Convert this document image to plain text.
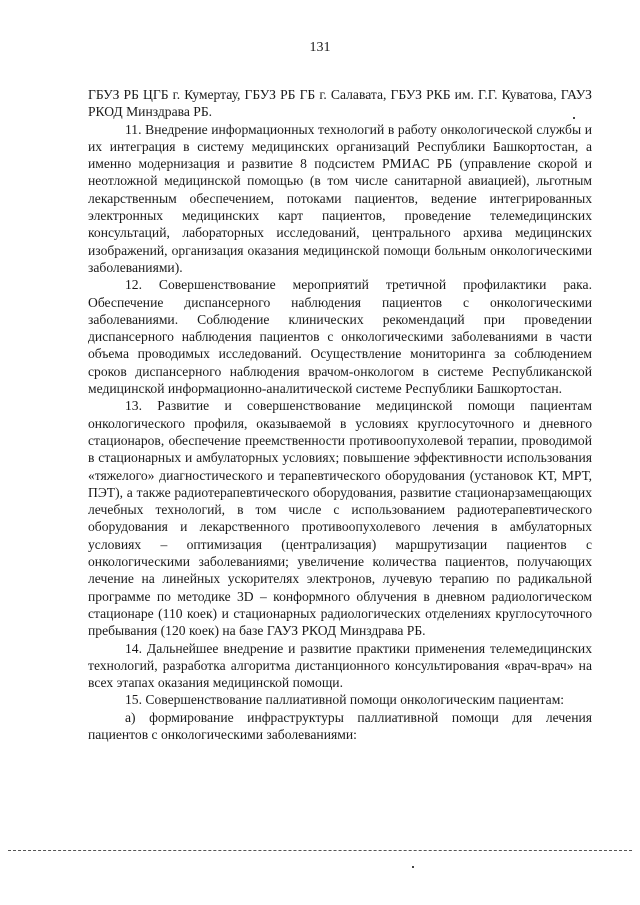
131

ГБУЗ РБ ЦГБ г. Кумертау, ГБУЗ РБ ГБ г. Салавата, ГБУЗ РКБ им. Г.Г. Куватова, ГАУЗ РКОД Минздрава РБ.

11. Внедрение информационных технологий в работу онкологической службы и их интеграция в систему медицинских организаций Республики Башкортостан, а именно модернизация и развитие 8 подсистем РМИАС РБ (управление скорой и неотложной медицинской помощью (в том числе санитарной авиацией), льготным лекарственным обеспечением, потоками пациентов, ведение интегрированных электронных медицинских карт пациентов, проведение телемедицинских консультаций, лабораторных исследований, центрального архива медицинских изображений, организация оказания медицинской помощи больным онкологическими заболеваниями).

12. Совершенствование мероприятий третичной профилактики рака. Обеспечение диспансерного наблюдения пациентов с онкологическими заболеваниями. Соблюдение клинических рекомендаций при проведении диспансерного наблюдения пациентов с онкологическими заболеваниями в части объема проводимых исследований. Осуществление мониторинга за соблюдением сроков диспансерного наблюдения врачом-онкологом в системе Республиканской медицинской информационно-аналитической системе Республики Башкортостан.

13. Развитие и совершенствование медицинской помощи пациентам онкологического профиля, оказываемой в условиях круглосуточного и дневного стационаров, обеспечение преемственности противоопухолевой терапии, проводимой в стационарных и амбулаторных условиях; повышение эффективности использования «тяжелого» диагностического и терапевтического оборудования (установок КТ, МРТ, ПЭТ), а также радиотерапевтического оборудования, развитие стационарзамещающих лечебных технологий, в том числе с использованием радиотерапевтического оборудования и лекарственного противоопухолевого лечения в амбулаторных условиях – оптимизация (централизация) маршрутизации пациентов с онкологическими заболеваниями; увеличение количества пациентов, получающих лечение на линейных ускорителях электронов, лучевую терапию по радикальной программе по методике 3D – конформного облучения в дневном радиологическом стационаре (110 коек) и стационарных радиологических отделениях круглосуточного пребывания (120 коек) на базе ГАУЗ РКОД Минздрава РБ.

14. Дальнейшее внедрение и развитие практики применения телемедицинских технологий, разработка алгоритма дистанционного консультирования «врач-врач» на всех этапах оказания медицинской помощи.

15. Совершенствование паллиативной помощи онкологическим пациентам:

а) формирование инфраструктуры паллиативной помощи для лечения пациентов с онкологическими заболеваниями:
